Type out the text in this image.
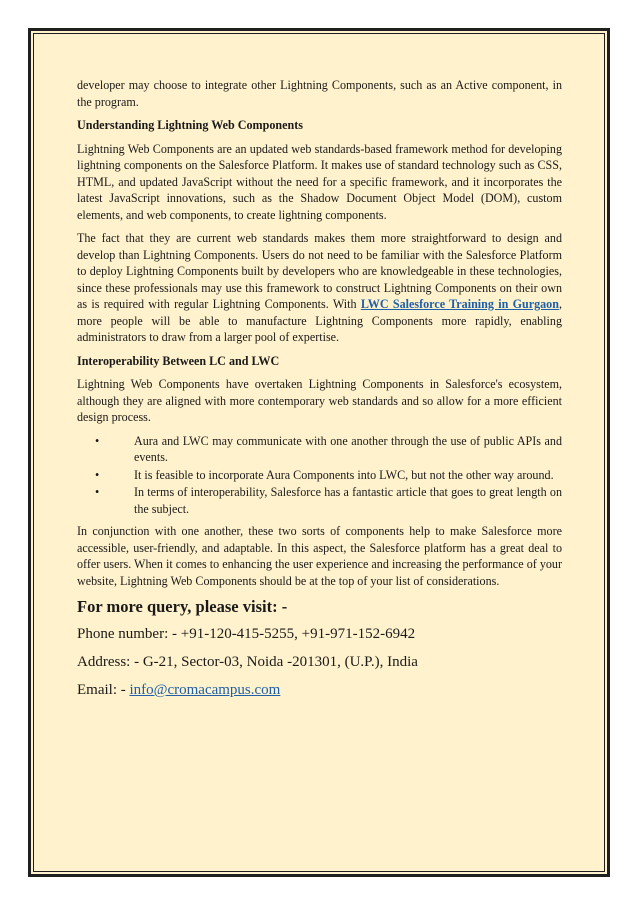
developer may choose to integrate other Lightning Components, such as an Active component, in the program.

Understanding Lightning Web Components

Lightning Web Components are an updated web standards-based framework method for developing lightning components on the Salesforce Platform. It makes use of standard technology such as CSS, HTML, and updated JavaScript without the need for a specific framework, and it incorporates the latest JavaScript innovations, such as the Shadow Document Object Model (DOM), custom elements, and web components, to create lightning components.

The fact that they are current web standards makes them more straightforward to design and develop than Lightning Components. Users do not need to be familiar with the Salesforce Platform to deploy Lightning Components built by developers who are knowledgeable in these technologies, since these professionals may use this framework to construct Lightning Components on their own as is required with regular Lightning Components. With LWC Salesforce Training in Gurgaon, more people will be able to manufacture Lightning Components more rapidly, enabling administrators to draw from a larger pool of expertise.

Interoperability Between LC and LWC

Lightning Web Components have overtaken Lightning Components in Salesforce's ecosystem, although they are aligned with more contemporary web standards and so allow for a more efficient design process.

•	Aura and LWC may communicate with one another through the use of public APIs and events.
•	It is feasible to incorporate Aura Components into LWC, but not the other way around.
•	In terms of interoperability, Salesforce has a fantastic article that goes to great length on the subject.

In conjunction with one another, these two sorts of components help to make Salesforce more accessible, user-friendly, and adaptable. In this aspect, the Salesforce platform has a great deal to offer users. When it comes to enhancing the user experience and increasing the performance of your website, Lightning Web Components should be at the top of your list of considerations.

For more query, please visit: -
Phone number: - +91-120-415-5255, +91-971-152-6942
Address: - G-21, Sector-03, Noida -201301, (U.P.), India
Email: - info@cromacampus.com
